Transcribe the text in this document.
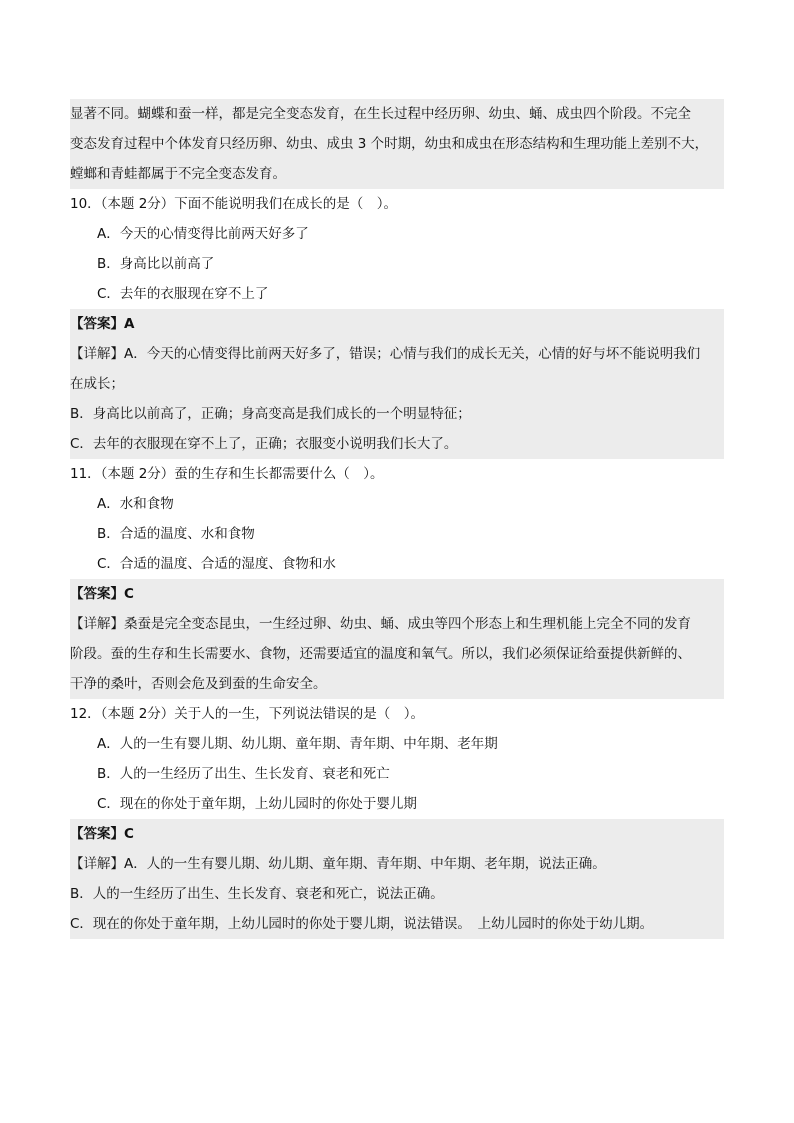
显著不同。蝴蝶和蚕一样，都是完全变态发育，在生长过程中经历卵、幼虫、蛹、成虫四个阶段。不完全
变态发育过程中个体发育只经历卵、幼虫、成虫 3 个时期，幼虫和成虫在形态结构和生理功能上差别不大，
螳螂和青蛙都属于不完全变态发育。
10．（本题 2分）下面不能说明我们在成长的是（　）。
A．今天的心情变得比前两天好多了
B．身高比以前高了
C．去年的衣服现在穿不上了
【答案】A
【详解】A．今天的心情变得比前两天好多了，错误；心情与我们的成长无关，心情的好与坏不能说明我们
在成长；
B．身高比以前高了，正确；身高变高是我们成长的一个明显特征；
C．去年的衣服现在穿不上了，正确；衣服变小说明我们长大了。
11．（本题 2分）蚕的生存和生长都需要什么（　）。
A．水和食物
B．合适的温度、水和食物
C．合适的温度、合适的湿度、食物和水
【答案】C
【详解】桑蚕是完全变态昆虫，一生经过卵、幼虫、蛹、成虫等四个形态上和生理机能上完全不同的发育
阶段。蚕的生存和生长需要水、食物，还需要适宜的温度和氧气。所以，我们必须保证给蚕提供新鲜的、
干净的桑叶，否则会危及到蚕的生命安全。
12．（本题 2分）关于人的一生，下列说法错误的是（　）。
A．人的一生有婴儿期、幼儿期、童年期、青年期、中年期、老年期
B．人的一生经历了出生、生长发育、衰老和死亡
C．现在的你处于童年期，上幼儿园时的你处于婴儿期
【答案】C
【详解】A．人的一生有婴儿期、幼儿期、童年期、青年期、中年期、老年期，说法正确。
B．人的一生经历了出生、生长发育、衰老和死亡，说法正确。
C．现在的你处于童年期，上幼儿园时的你处于婴儿期，说法错误。　上幼儿园时的你处于幼儿期。
